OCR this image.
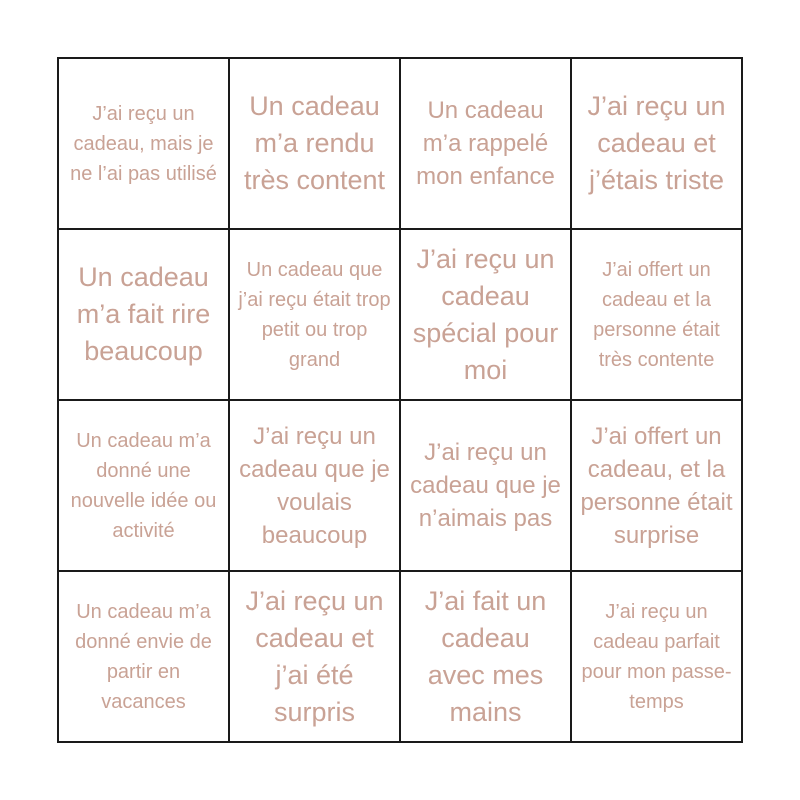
J’ai reçu un cadeau, mais je ne l’ai pas utilisé
Un cadeau m’a rendu très content
Un cadeau m’a rappelé mon enfance
J’ai reçu un cadeau et j’étais triste
Un cadeau m’a fait rire beaucoup
Un cadeau que j’ai reçu était trop petit ou trop grand
J’ai reçu un cadeau spécial pour moi
J’ai offert un cadeau et la personne était très contente
Un cadeau m’a donné une nouvelle idée ou activité
J’ai reçu un cadeau que je voulais beaucoup
J’ai reçu un cadeau que je n’aimais pas
J’ai offert un cadeau, et la personne était surprise
Un cadeau m’a donné envie de partir en vacances
J’ai reçu un cadeau et j’ai été surpris
J’ai fait un cadeau avec mes mains
J’ai reçu un cadeau parfait pour mon passe-temps
